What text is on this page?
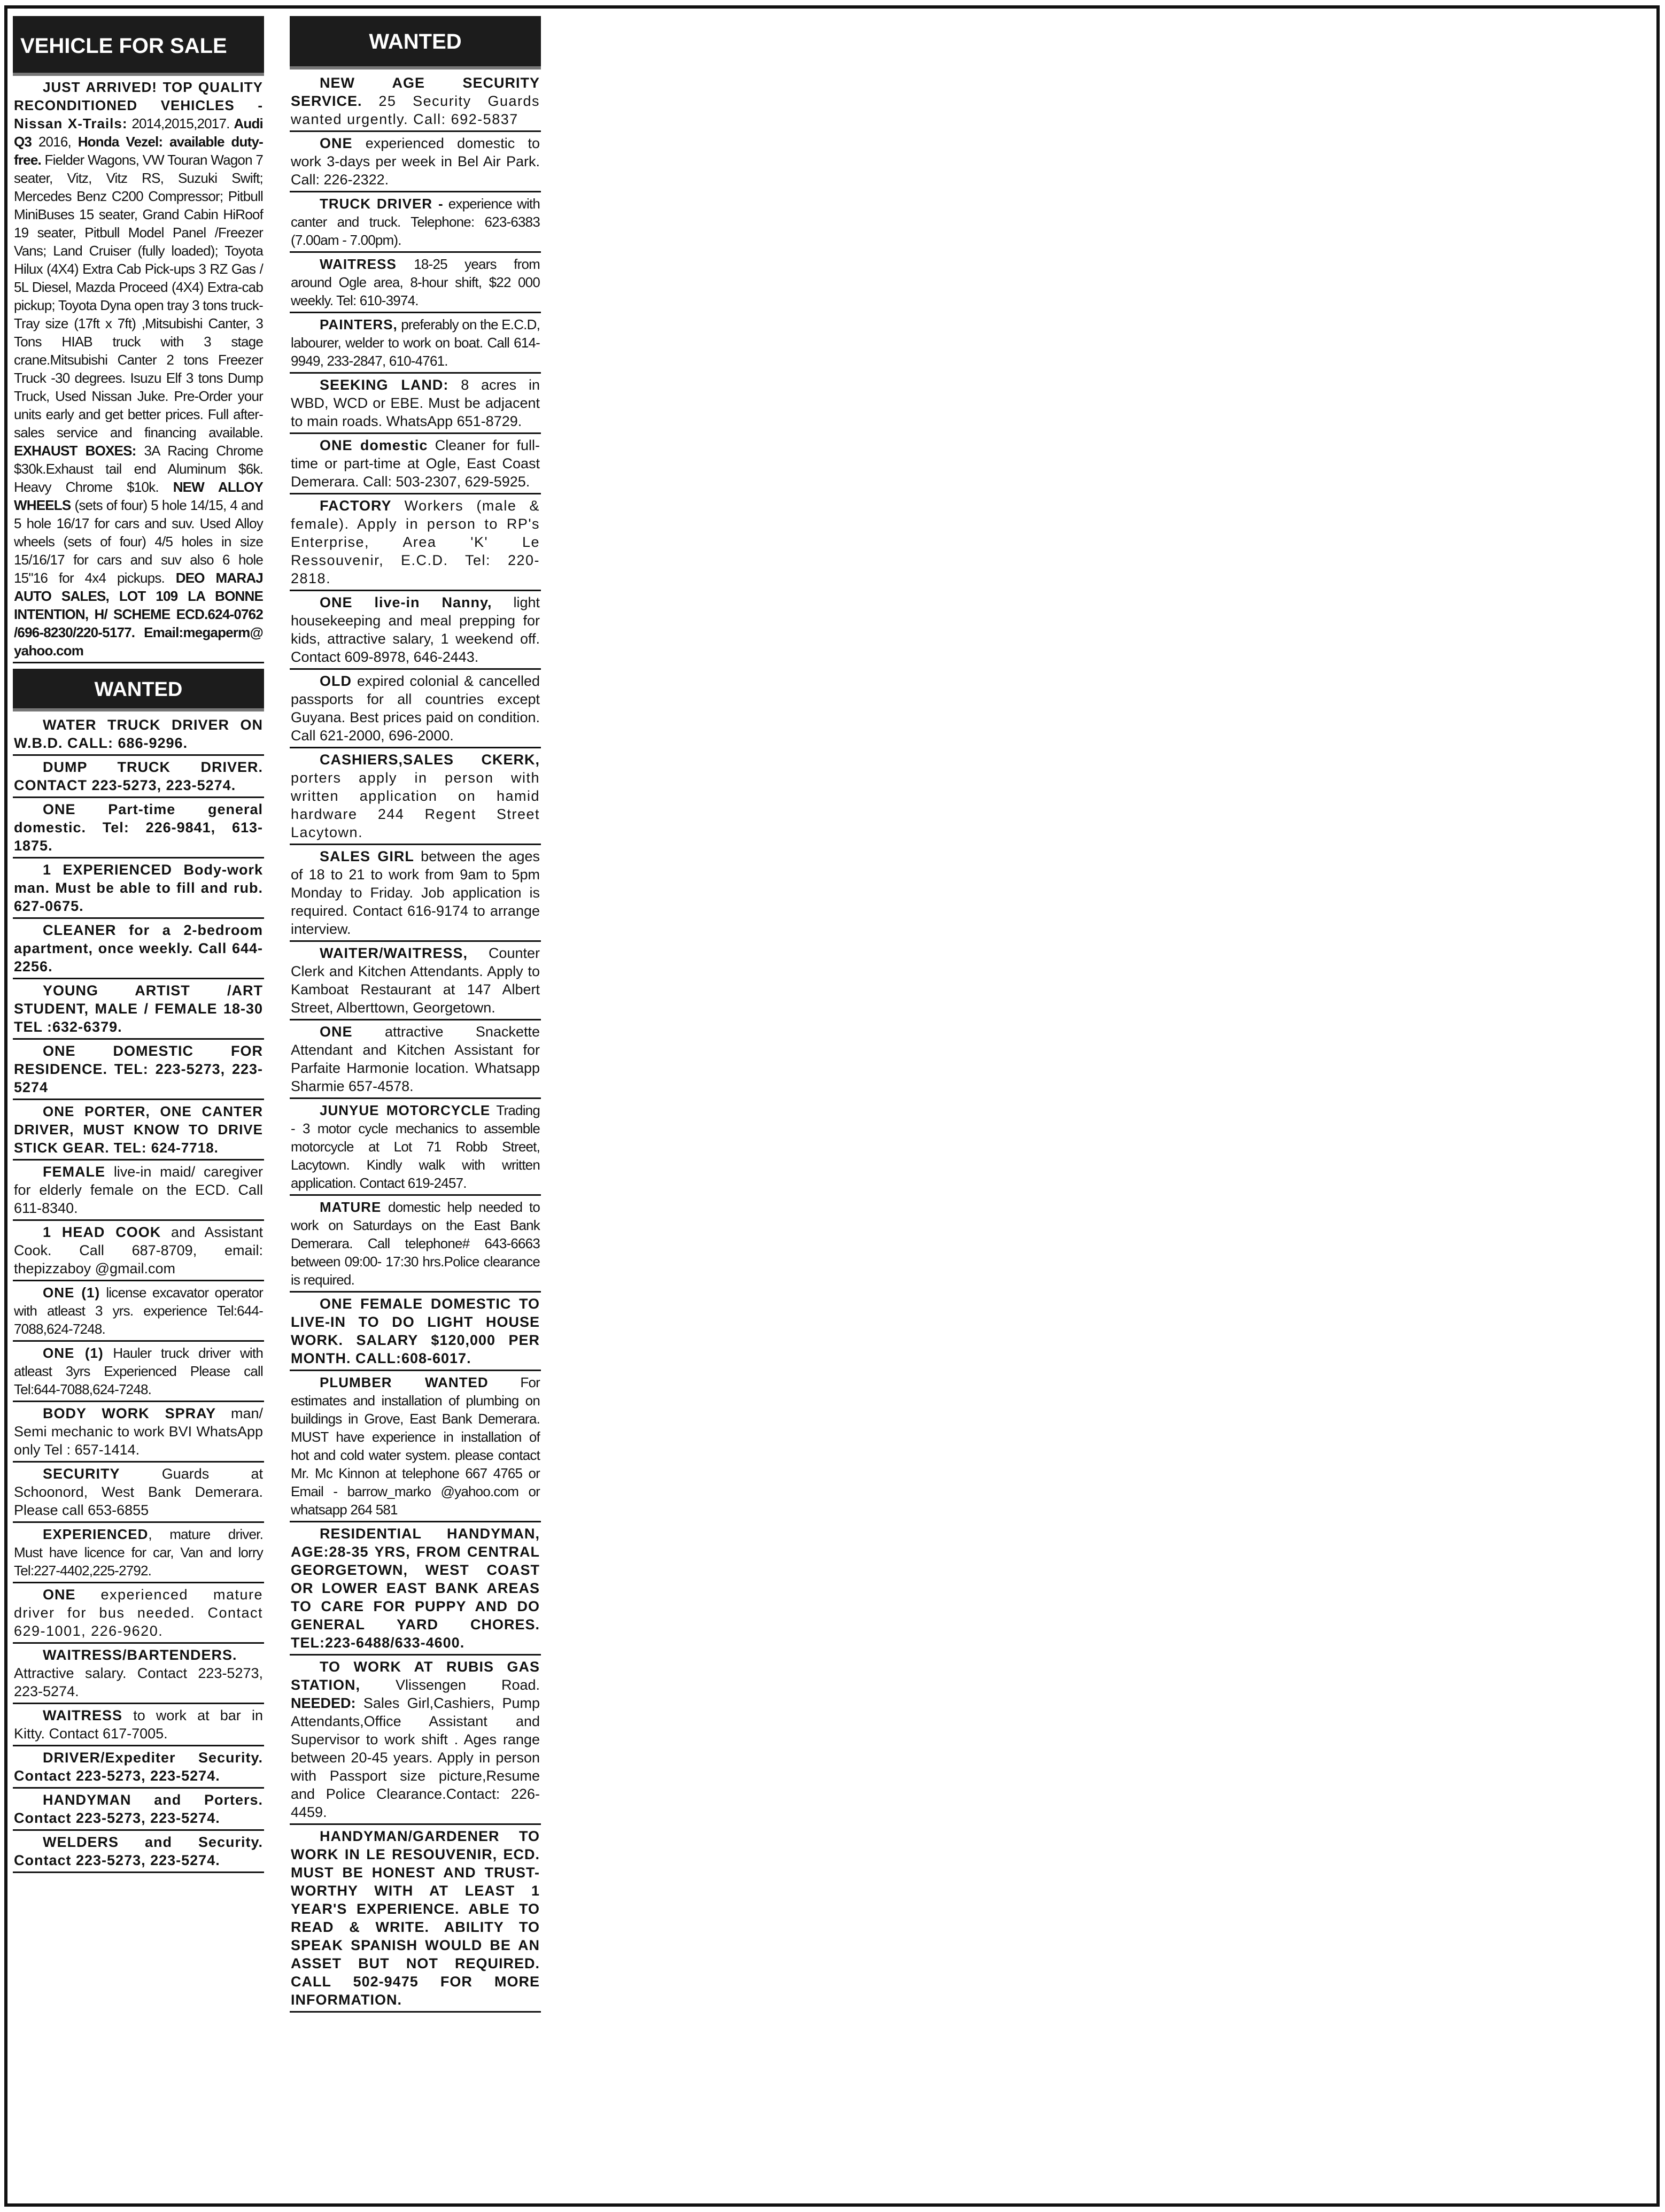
VEHICLE FOR SALE
JUST ARRIVED! TOP QUALITY RECONDITIONED VEHICLES - Nissan X-Trails: 2014,2015,2017. Audi Q3 2016, Honda Vezel: available duty-free. Fielder Wagons, VW Touran Wagon 7 seater, Vitz, Vitz RS, Suzuki Swift; Mercedes Benz C200 Compressor; Pitbull MiniBuses 15 seater, Grand Cabin HiRoof 19 seater, Pitbull Model Panel /Freezer Vans; Land Cruiser (fully loaded); Toyota Hilux (4X4) Extra Cab Pick-ups 3 RZ Gas / 5L Diesel, Mazda Proceed (4X4) Extra-cab pickup; Toyota Dyna open tray 3 tons truck-Tray size (17ft x 7ft) ,Mitsubishi Canter, 3 Tons HIAB truck with 3 stage crane.Mitsubishi Canter 2 tons Freezer Truck -30 degrees. Isuzu Elf 3 tons Dump Truck, Used Nissan Juke. Pre-Order your units early and get better prices. Full after-sales service and financing available. EXHAUST BOXES: 3A Racing Chrome $30k.Exhaust tail end Aluminum $6k. Heavy Chrome $10k. NEW ALLOY WHEELS (sets of four) 5 hole 14/15, 4 and 5 hole 16/17 for cars and suv. Used Alloy wheels (sets of four) 4/5 holes in size 15/16/17 for cars and suv also 6 hole 15"16 for 4x4 pickups. DEO MARAJ AUTO SALES, LOT 109 LA BONNE INTENTION, H/ SCHEME ECD.624-0762 /696-8230/220-5177. Email:megaperm@ yahoo.com
WANTED
WATER TRUCK DRIVER ON W.B.D. CALL: 686-9296.
DUMP TRUCK DRIVER. CONTACT 223-5273, 223-5274.
ONE Part-time general domestic. Tel: 226-9841, 613-1875.
1 EXPERIENCED Body-work man. Must be able to fill and rub. 627-0675.
CLEANER for a 2-bedroom apartment, once weekly. Call 644-2256.
YOUNG ARTIST /ART STUDENT, MALE / FEMALE 18-30 TEL :632-6379.
ONE DOMESTIC FOR RESIDENCE. TEL: 223-5273, 223-5274
ONE PORTER, ONE CANTER DRIVER, MUST KNOW TO DRIVE STICK GEAR. TEL: 624-7718.
FEMALE live-in maid/ caregiver for elderly female on the ECD. Call 611-8340.
1 HEAD COOK and Assistant Cook. Call 687-8709, email: thepizzaboy @gmail.com
ONE (1) license excavator operator with atleast 3 yrs. experience Tel:644-7088,624-7248.
ONE (1) Hauler truck driver with atleast 3yrs Experienced Please call Tel:644-7088,624-7248.
BODY WORK SPRAY man/ Semi mechanic to work BVI WhatsApp only Tel : 657-1414.
SECURITY	Guards at Schoonord, West Bank Demerara. Please call 653-6855
EXPERIENCED, mature driver. Must have licence for car, Van and lorry Tel:227-4402,225-2792.
ONE experienced mature driver for bus needed. Contact 629-1001, 226-9620.
WAITRESS/BARTENDERS. Attractive salary. Contact 223-5273, 223-5274.
WAITRESS to work at bar in Kitty. Contact 617-7005.
DRIVER/Expediter Security. Contact 223-5273, 223-5274.
HANDYMAN and Porters. Contact 223-5273, 223-5274.
WELDERS and Security. Contact 223-5273, 223-5274.
WANTED
NEW AGE SECURITY SERVICE. 25 Security Guards wanted urgently. Call: 692-5837
ONE experienced domestic to work 3-days per week in Bel Air Park. Call: 226-2322.
TRUCK DRIVER - experience with canter and truck. Telephone: 623-6383 (7.00am - 7.00pm).
WAITRESS 18-25 years from around Ogle area, 8-hour shift, $22 000 weekly. Tel: 610-3974.
PAINTERS, preferably on the E.C.D, labourer, welder to work on boat. Call 614-9949, 233-2847, 610-4761.
SEEKING LAND: 8 acres in WBD, WCD or EBE. Must be adjacent to main roads. WhatsApp 651-8729.
ONE domestic Cleaner for full-time or part-time at Ogle, East Coast Demerara. Call: 503-2307, 629-5925.
FACTORY Workers (male & female). Apply in person to RP's Enterprise, Area 'K' Le Ressouvenir, E.C.D. Tel: 220-2818.
ONE live-in Nanny, light housekeeping and meal prepping for kids, attractive salary, 1 weekend off. Contact 609-8978, 646-2443.
OLD expired colonial & cancelled passports for all countries except Guyana. Best prices paid on condition. Call 621-2000, 696-2000.
CASHIERS,SALES CKERK, porters apply in person with written application on hamid hardware 244 Regent Street Lacytown.
SALES GIRL between the ages of 18 to 21 to work from 9am to 5pm Monday to Friday. Job application is required. Contact 616-9174 to arrange interview.
WAITER/WAITRESS, Counter Clerk and Kitchen Attendants. Apply to Kamboat Restaurant at 147 Albert Street, Alberttown, Georgetown.
ONE attractive Snackette Attendant and Kitchen Assistant for Parfaite Harmonie location. Whatsapp Sharmie 657-4578.
JUNYUE MOTORCYCLE Trading - 3 motor cycle mechanics to assemble motorcycle at Lot 71 Robb Street, Lacytown. Kindly walk with written application. Contact 619-2457.
MATURE domestic help needed to work on Saturdays on the East Bank Demerara. Call telephone# 643-6663 between 09:00- 17:30 hrs.Police clearance is required.
ONE FEMALE DOMESTIC TO LIVE-IN TO DO LIGHT HOUSE WORK. SALARY $120,000 PER MONTH. CALL:608-6017.
PLUMBER WANTED For estimates and installation of plumbing on buildings in Grove, East Bank Demerara. MUST have experience in installation of hot and cold water system. please contact Mr. Mc Kinnon at telephone 667 4765 or Email - barrow_marko @yahoo.com or whatsapp 264 581
RESIDENTIAL HANDYMAN, AGE:28-35 YRS, FROM CENTRAL GEORGETOWN, WEST COAST OR LOWER EAST BANK AREAS TO CARE FOR PUPPY AND DO GENERAL YARD CHORES. TEL:223-6488/633-4600.
TO WORK AT RUBIS GAS STATION, Vlissengen Road. NEEDED: Sales Girl,Cashiers, Pump Attendants,Office Assistant and Supervisor to work shift . Ages range between 20-45 years. Apply in person with Passport size picture,Resume and Police Clearance.Contact: 226-4459.
HANDYMAN/GARDENER TO WORK IN LE RESOUVENIR, ECD. MUST BE HONEST AND TRUST-WORTHY WITH AT LEAST 1 YEAR'S EXPERIENCE. ABLE TO READ & WRITE. ABILITY TO SPEAK SPANISH WOULD BE AN ASSET BUT NOT REQUIRED. CALL 502-9475 FOR MORE INFORMATION.
